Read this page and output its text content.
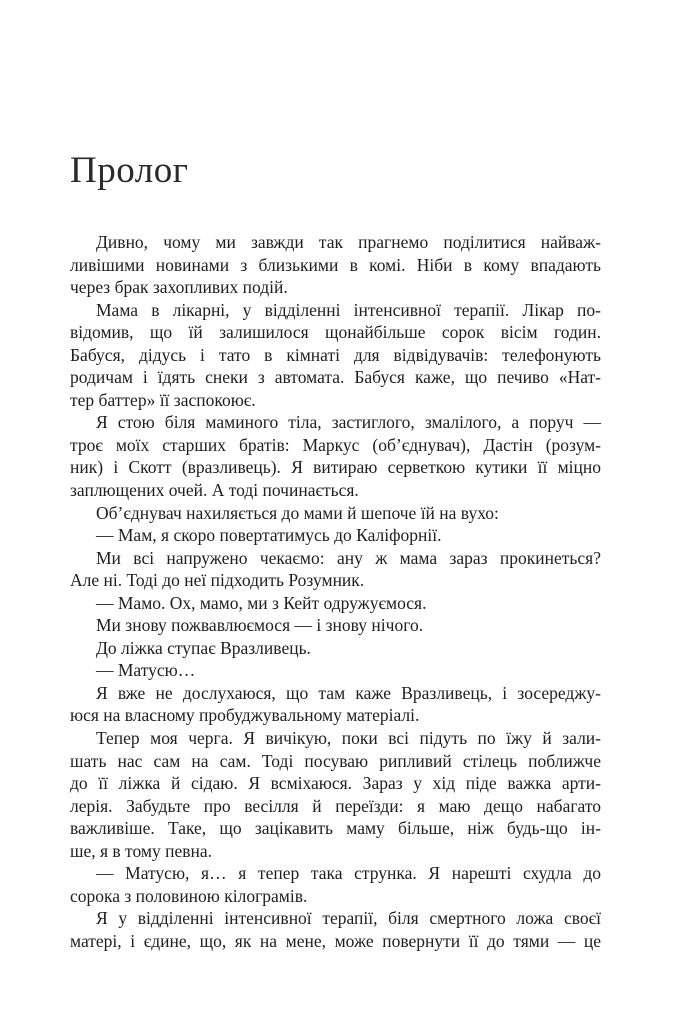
Пролог
Дивно, чому ми завжди так прагнемо поділитися найваж-
ливішими новинами з близькими в комі. Ніби в кому впадають
через брак захопливих подій.
Мама в лікарні, у відділенні інтенсивної терапії. Лікар по-
відомив, що їй залишилося щонайбільше сорок вісім годин.
Бабуся, дідусь і тато в кімнаті для відвідувачів: телефонують
родичам і їдять снеки з автомата. Бабуся каже, що печиво «Нат-
тер баттер» її заспокоює.
Я стою біля маминого тіла, застиглого, змалілого, а поруч —
троє моїх старших братів: Маркус (об’єднувач), Дастін (розум-
ник) і Скотт (вразливець). Я витираю серветкою кутики її міцно
заплющених очей. А тоді починається.
Об’єднувач нахиляється до мами й шепоче їй на вухо:
— Мам, я скоро повертатимусь до Каліфорнії.
Ми всі напружено чекаємо: ану ж мама зараз прокинеться?
Але ні. Тоді до неї підходить Розумник.
— Мамо. Ох, мамо, ми з Кейт одружуємося.
Ми знову пожвавлюємося — і знову нічого.
До ліжка ступає Вразливець.
— Матусю…
Я вже не дослухаюся, що там каже Вразливець, і зосереджу-
юся на власному пробуджувальному матеріалі.
Тепер моя черга. Я вичікую, поки всі підуть по їжу й зали-
шать нас сам на сам. Тоді посуваю рипливий стілець поближче
до її ліжка й сідаю. Я всміхаюся. Зараз у хід піде важка арти-
лерія. Забудьте про весілля й переїзди: я маю дещо набагато
важливіше. Таке, що зацікавить маму більше, ніж будь-що ін-
ше, я в тому певна.
— Матусю, я… я тепер така струнка. Я нарешті схудла до
сорока з половиною кілограмів.
Я у відділенні інтенсивної терапії, біля смертного ложа своєї
матері, і єдине, що, як на мене, може повернути її до тями — це
